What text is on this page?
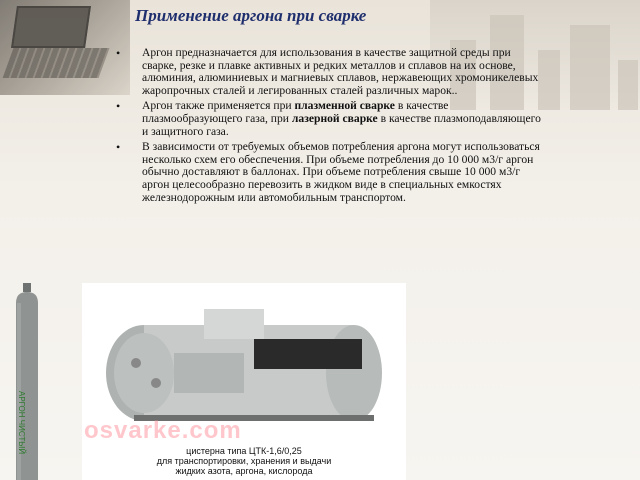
Применение аргона при сварке

• Аргон предназначается для использования в качестве защитной среды при сварке, резке и плавке активных и редких металлов и сплавов на их основе, алюминия, алюминиевых и магниевых сплавов, нержавеющих хромоникелевых жаропрочных сталей и легированных сталей различных марок..

• Аргон также применяется при плазменной сварке в качестве плазмообразующего газа, при лазерной сварке в качестве плазмоподавляющего и защитного газа.

• В зависимости от требуемых объемов потребления аргона могут использоваться несколько схем его обеспечения. При объеме потребления до 10 000 м3/г аргон обычно доставляют в баллонах. При объеме потребления свыше 10 000 м3/г аргон целесообразно перевозить в жидком виде в специальных емкостях железнодорожным или автомобильным транспортом.

АРГОН ЧИСТЫЙ osvarke.com
цистерна типа ЦТК-1,6/0,25
для транспортировки, хранения и выдачи
жидких азота, аргона, кислорода
